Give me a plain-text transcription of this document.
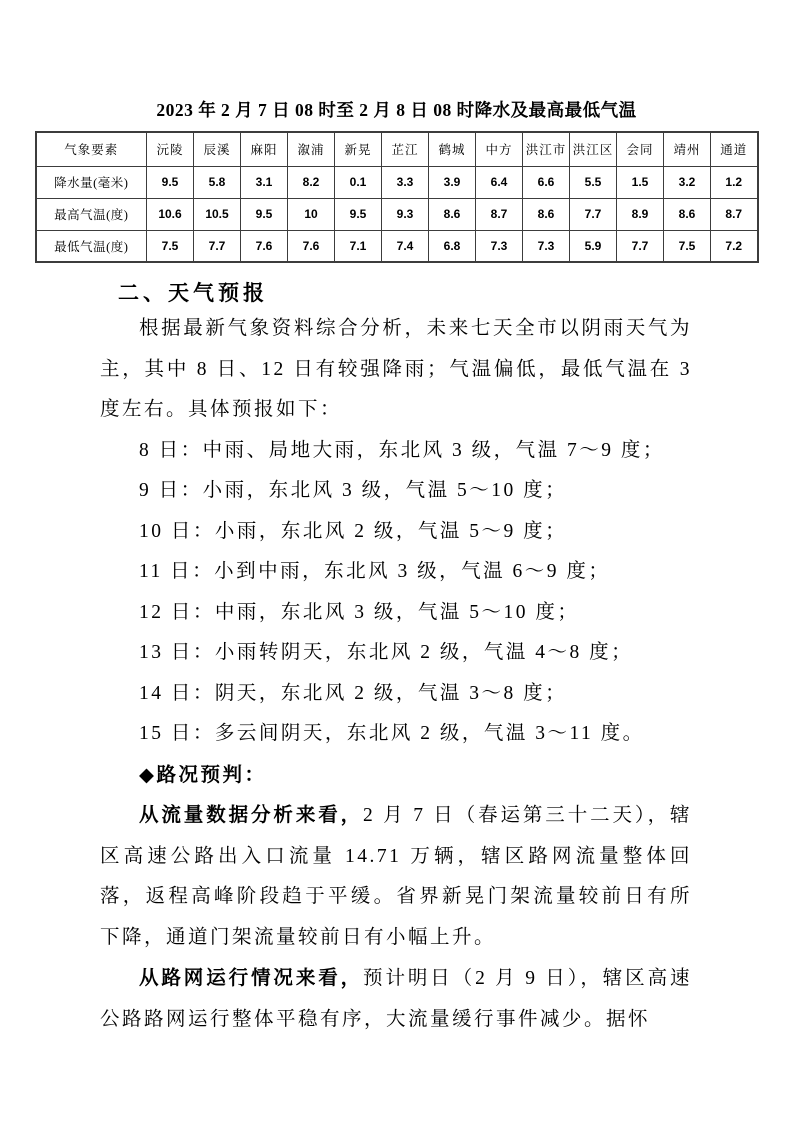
2023 年 2 月 7 日 08 时至 2 月 8 日 08 时降水及最高最低气温
气象要素	沅陵	辰溪	麻阳	溆浦	新晃	芷江	鹤城	中方	洪江市	洪江区	会同	靖州	通道
降水量(毫米)	9.5	5.8	3.1	8.2	0.1	3.3	3.9	6.4	6.6	5.5	1.5	3.2	1.2
最高气温(度)	10.6	10.5	9.5	10	9.5	9.3	8.6	8.7	8.6	7.7	8.9	8.6	8.7
最低气温(度)	7.5	7.7	7.6	7.6	7.1	7.4	6.8	7.3	7.3	5.9	7.7	7.5	7.2
二、天气预报

根据最新气象资料综合分析，未来七天全市以阴雨天气为主，其中 8 日、12 日有较强降雨；气温偏低，最低气温在 3 度左右。具体预报如下：

8 日：中雨、局地大雨，东北风 3 级，气温 7～9 度；

9 日：小雨，东北风 3 级，气温 5～10 度；

10 日：小雨，东北风 2 级，气温 5～9 度；

11 日：小到中雨，东北风 3 级，气温 6～9 度；

12 日：中雨，东北风 3 级，气温 5～10 度；

13 日：小雨转阴天，东北风 2 级，气温 4～8 度；

14 日：阴天，东北风 2 级，气温 3～8 度；

15 日：多云间阴天，东北风 2 级，气温 3～11 度。

◆路况预判：

从流量数据分析来看，2 月 7 日（春运第三十二天），辖区高速公路出入口流量 14.71 万辆，辖区路网流量整体回落，返程高峰阶段趋于平缓。省界新晃门架流量较前日有所下降，通道门架流量较前日有小幅上升。

从路网运行情况来看，预计明日（2 月 9 日），辖区高速公路路网运行整体平稳有序，大流量缓行事件减少。据怀
